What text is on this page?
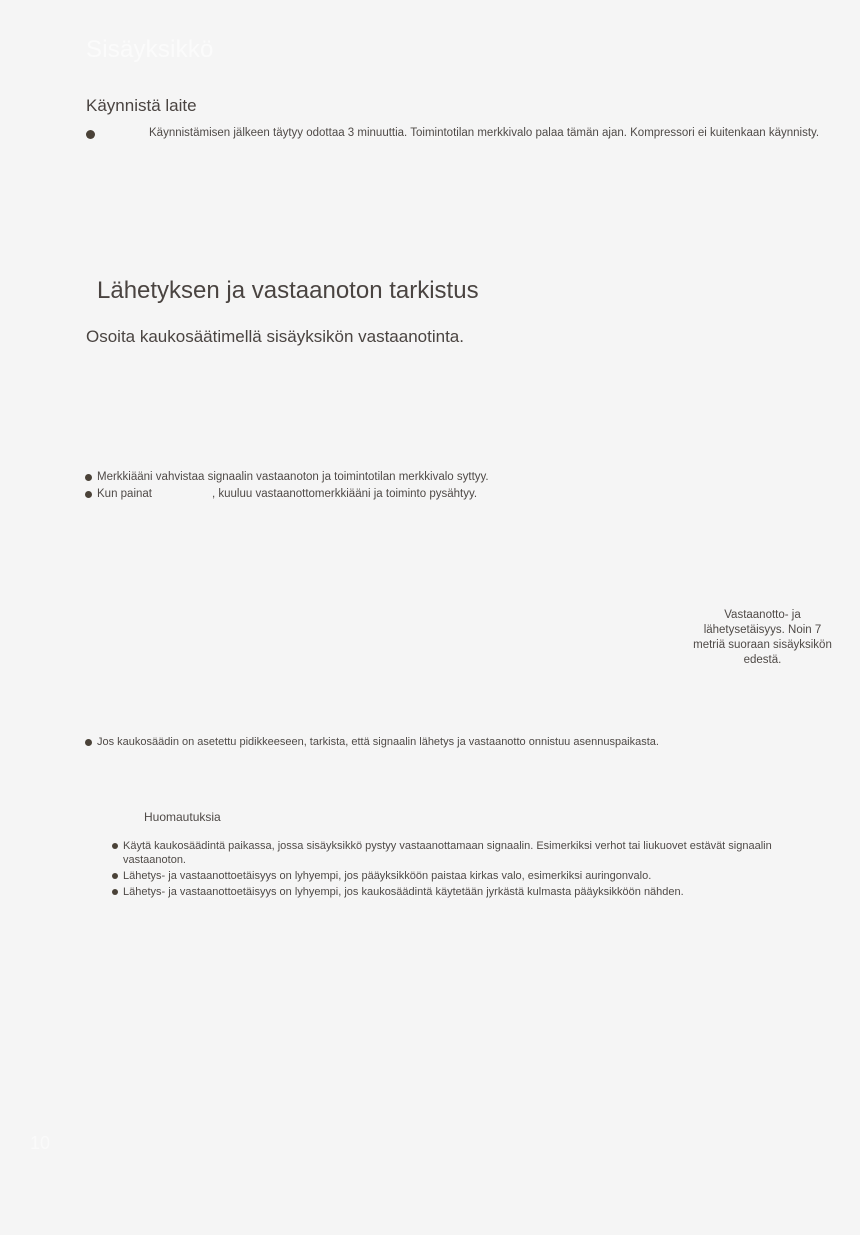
Sisäyksikkö
Käynnistä laite
Käynnistämisen jälkeen täytyy odottaa 3 minuuttia. Toimintotilan merkkivalo palaa tämän ajan. Kompressori ei kuitenkaan käynnisty.
Lähetyksen ja vastaanoton tarkistus
Osoita kaukosäätimellä sisäyksikön vastaanotinta.
Merkkiääni vahvistaa signaalin vastaanoton ja toimintotilan merkkivalo syttyy.
Kun painat	, kuuluu vastaanottomerkkiääni ja toiminto pysähtyy.
Vastaanotto- ja lähetysetäisyys. Noin 7 metriä suoraan sisäyksikön edestä.
Jos kaukosäädin on asetettu pidikkeeseen, tarkista, että signaalin lähetys ja vastaanotto onnistuu asennuspaikasta.
Huomautuksia
Käytä kaukosäädintä paikassa, jossa sisäyksikkö pystyy vastaanottamaan signaalin. Esimerkiksi verhot tai liukuovet estävät signaalin vastaanoton.
Lähetys- ja vastaanottoetäisyys on lyhyempi, jos pääyksikköön paistaa kirkas valo, esimerkiksi auringonvalo.
Lähetys- ja vastaanottoetäisyys on lyhyempi, jos kaukosäädintä käytetään jyrkästä kulmasta pääyksikköön nähden.
10
